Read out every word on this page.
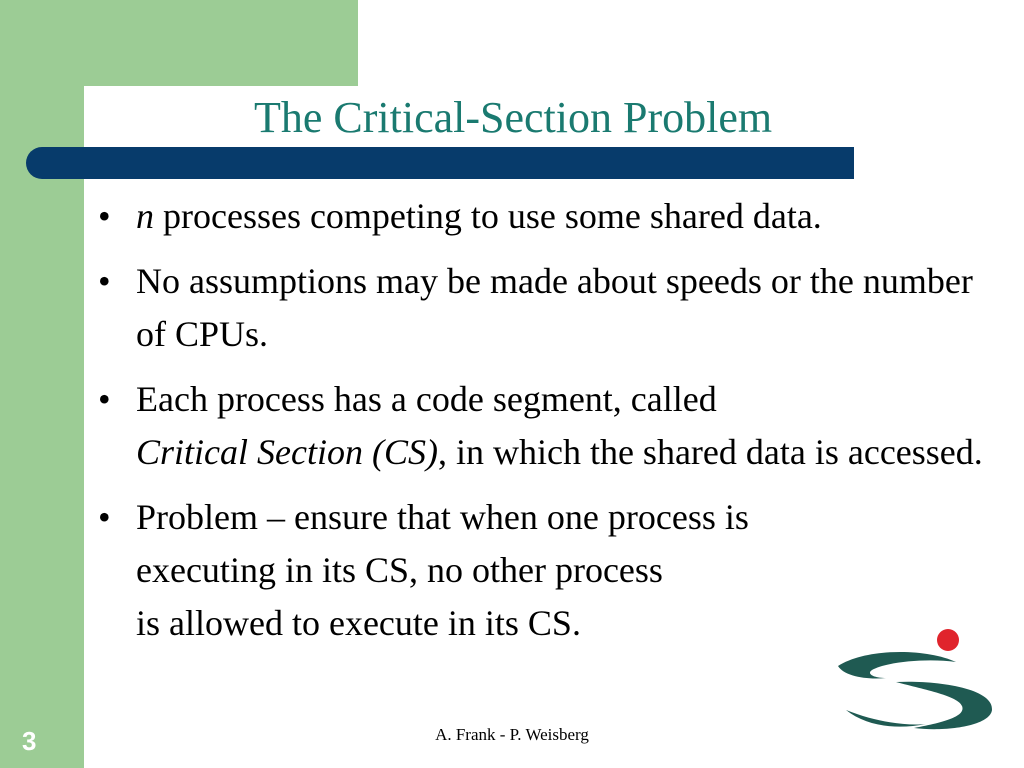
The Critical-Section Problem
• n processes competing to use some shared data.
• No assumptions may be made about speeds or the number of CPUs.
• Each process has a code segment, called
Critical Section (CS), in which the shared data is accessed.
• Problem – ensure that when one process is
executing in its CS, no other process
is allowed to execute in its CS.
3	A. Frank - P. Weisberg
